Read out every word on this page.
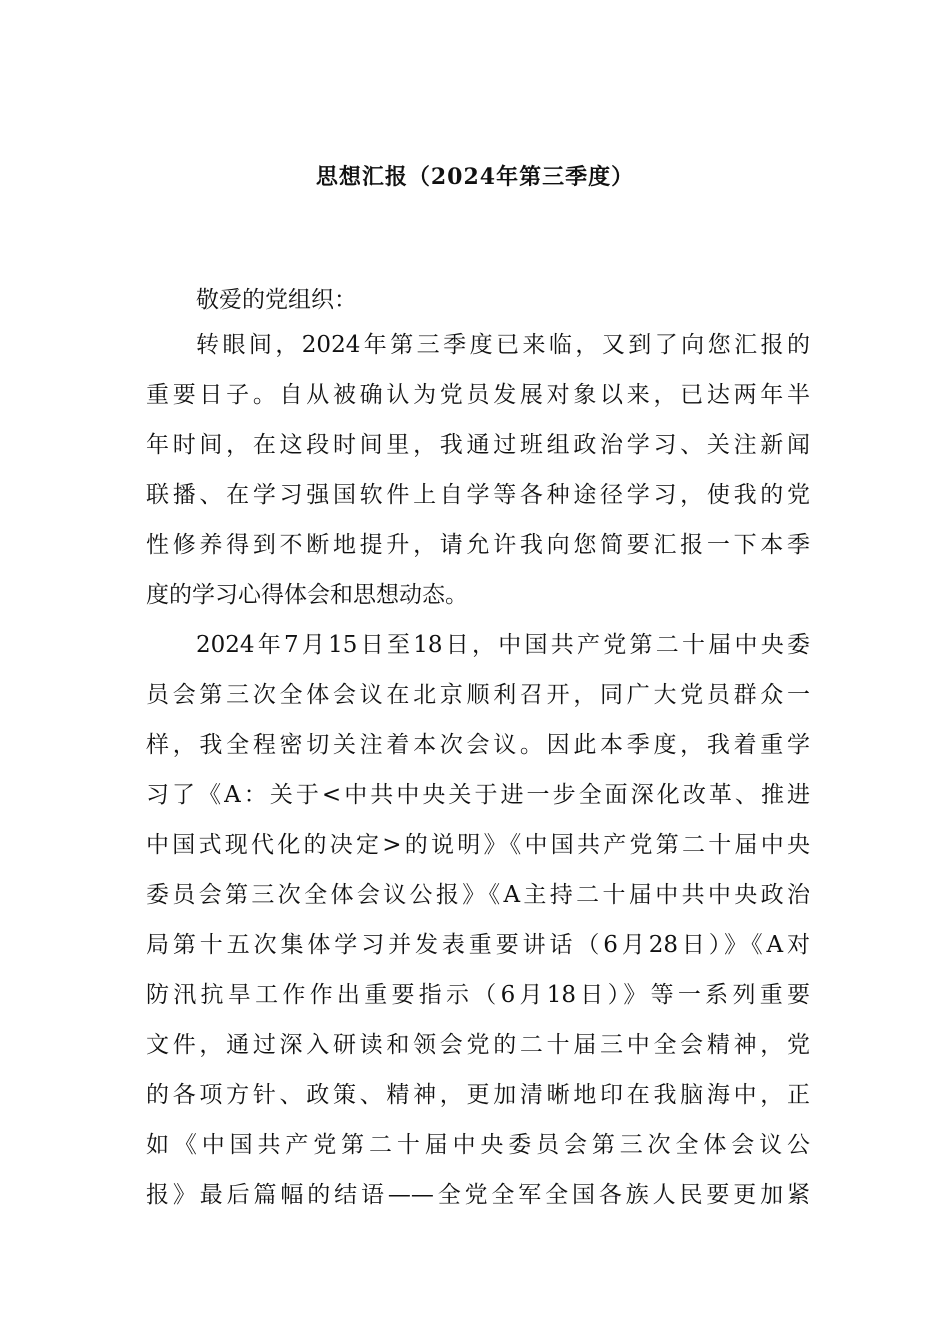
思想汇报（2024年第三季度）
敬爱的党组织：
转眼间，2024年第三季度已来临，又到了向您汇报的
重要日子。自从被确认为党员发展对象以来，已达两年半
年时间，在这段时间里，我通过班组政治学习、关注新闻
联播、在学习强国软件上自学等各种途径学习，使我的党
性修养得到不断地提升，请允许我向您简要汇报一下本季
度的学习心得体会和思想动态。
2024年7月15日至18日，中国共产党第二十届中央委
员会第三次全体会议在北京顺利召开，同广大党员群众一
样，我全程密切关注着本次会议。因此本季度，我着重学
习了《A：关于<中共中央关于进一步全面深化改革、推进
中国式现代化的决定>的说明》《中国共产党第二十届中央
委员会第三次全体会议公报》《A主持二十届中共中央政治
局第十五次集体学习并发表重要讲话（6月28日）》《A对
防汛抗旱工作作出重要指示（6月18日）》等一系列重要
文件，通过深入研读和领会党的二十届三中全会精神，党
的各项方针、政策、精神，更加清晰地印在我脑海中，正
如《中国共产党第二十届中央委员会第三次全体会议公
报》最后篇幅的结语——全党全军全国各族人民要更加紧
